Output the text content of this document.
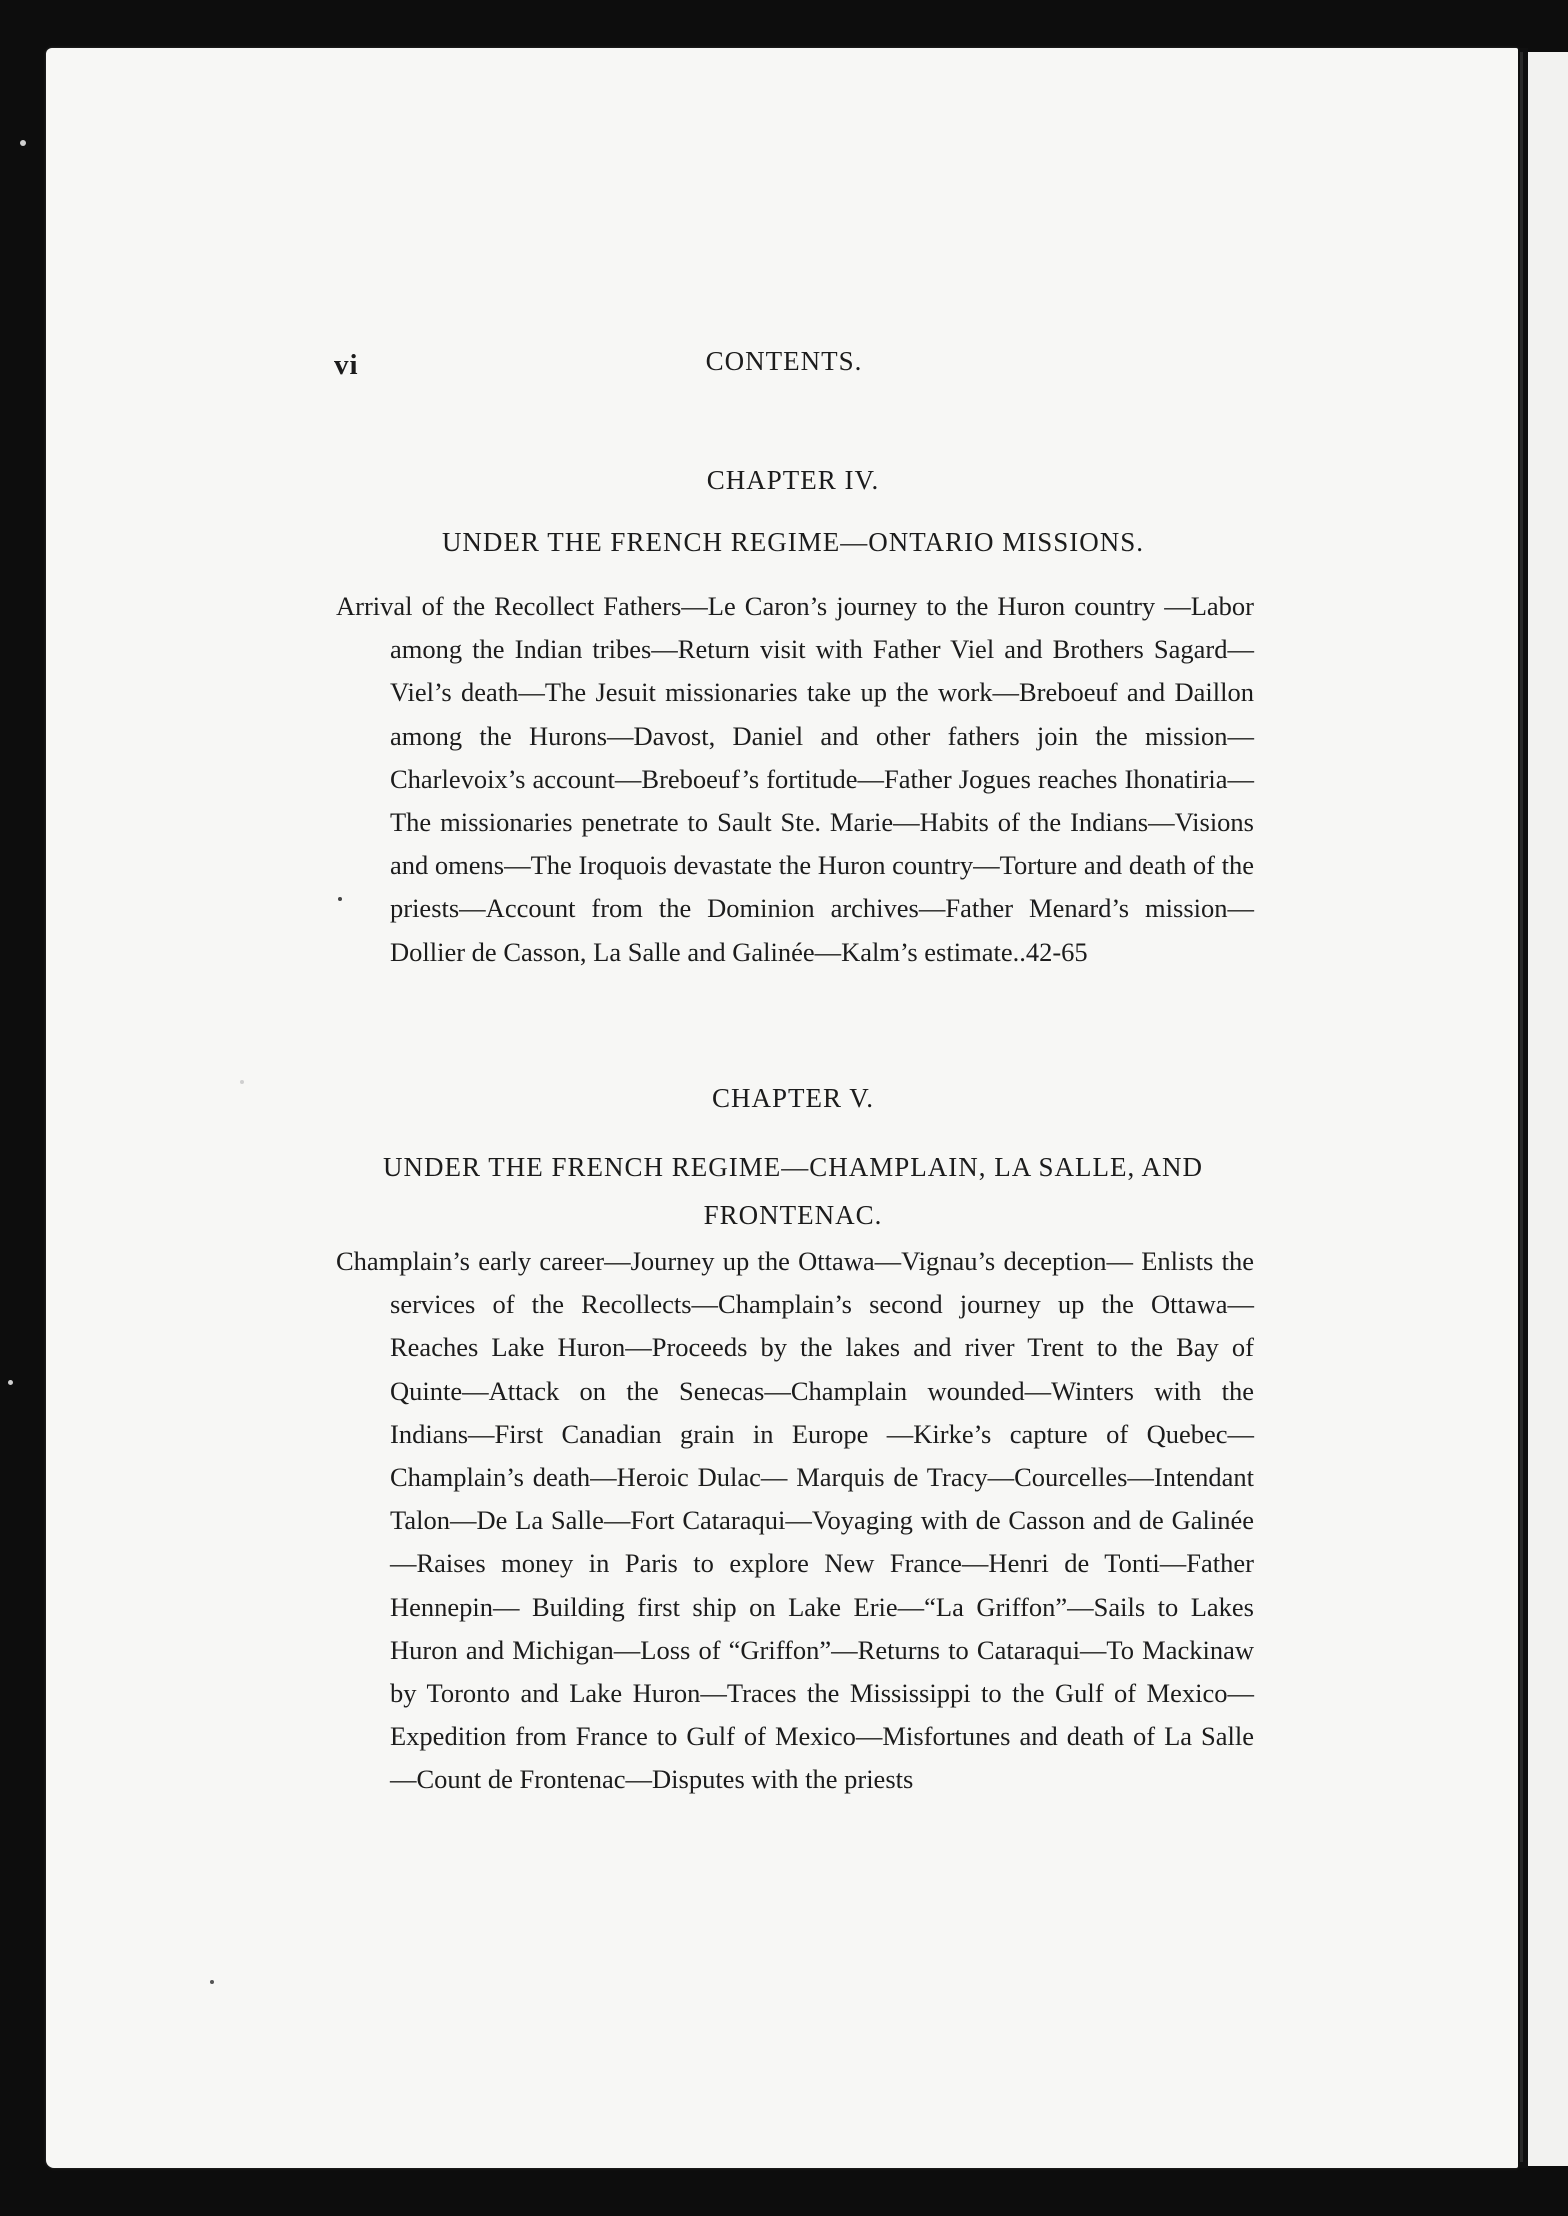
vi	CONTENTS.
CHAPTER IV.
UNDER THE FRENCH REGIME—ONTARIO MISSIONS.
Arrival of the Recollect Fathers—Le Caron’s journey to the Huron country —Labor among the Indian tribes—Return visit with Father Viel and Brothers Sagard—Viel’s death—The Jesuit missionaries take up the work—Breboeuf and Daillon among the Hurons—Davost, Daniel and other fathers join the mission—Charlevoix’s account—Breboeuf’s fortitude—Father Jogues reaches Ihonatiria—The missionaries penetrate to Sault Ste. Marie—Habits of the Indians—Visions and omens—The Iroquois devastate the Huron country—Torture and death of the priests—Account from the Dominion archives—Father Menard’s mission—Dollier de Casson, La Salle and Galinée—Kalm’s estimate..42-65
CHAPTER V.
UNDER THE FRENCH REGIME—CHAMPLAIN, LA SALLE, AND FRONTENAC.
Champlain’s early career—Journey up the Ottawa—Vignau’s deception— Enlists the services of the Recollects—Champlain’s second journey up the Ottawa—Reaches Lake Huron—Proceeds by the lakes and river Trent to the Bay of Quinte—Attack on the Senecas—Champlain wounded—Winters with the Indians—First Canadian grain in Europe —Kirke’s capture of Quebec—Champlain’s death—Heroic Dulac— Marquis de Tracy—Courcelles—Intendant Talon—De La Salle—Fort Cataraqui—Voyaging with de Casson and de Galinée—Raises money in Paris to explore New France—Henri de Tonti—Father Hennepin— Building first ship on Lake Erie—“La Griffon”—Sails to Lakes Huron and Michigan—Loss of “Griffon”—Returns to Cataraqui—To Mackinaw by Toronto and Lake Huron—Traces the Mississippi to the Gulf of Mexico—Expedition from France to Gulf of Mexico—Misfortunes and death of La Salle—Count de Frontenac—Disputes with the priests
